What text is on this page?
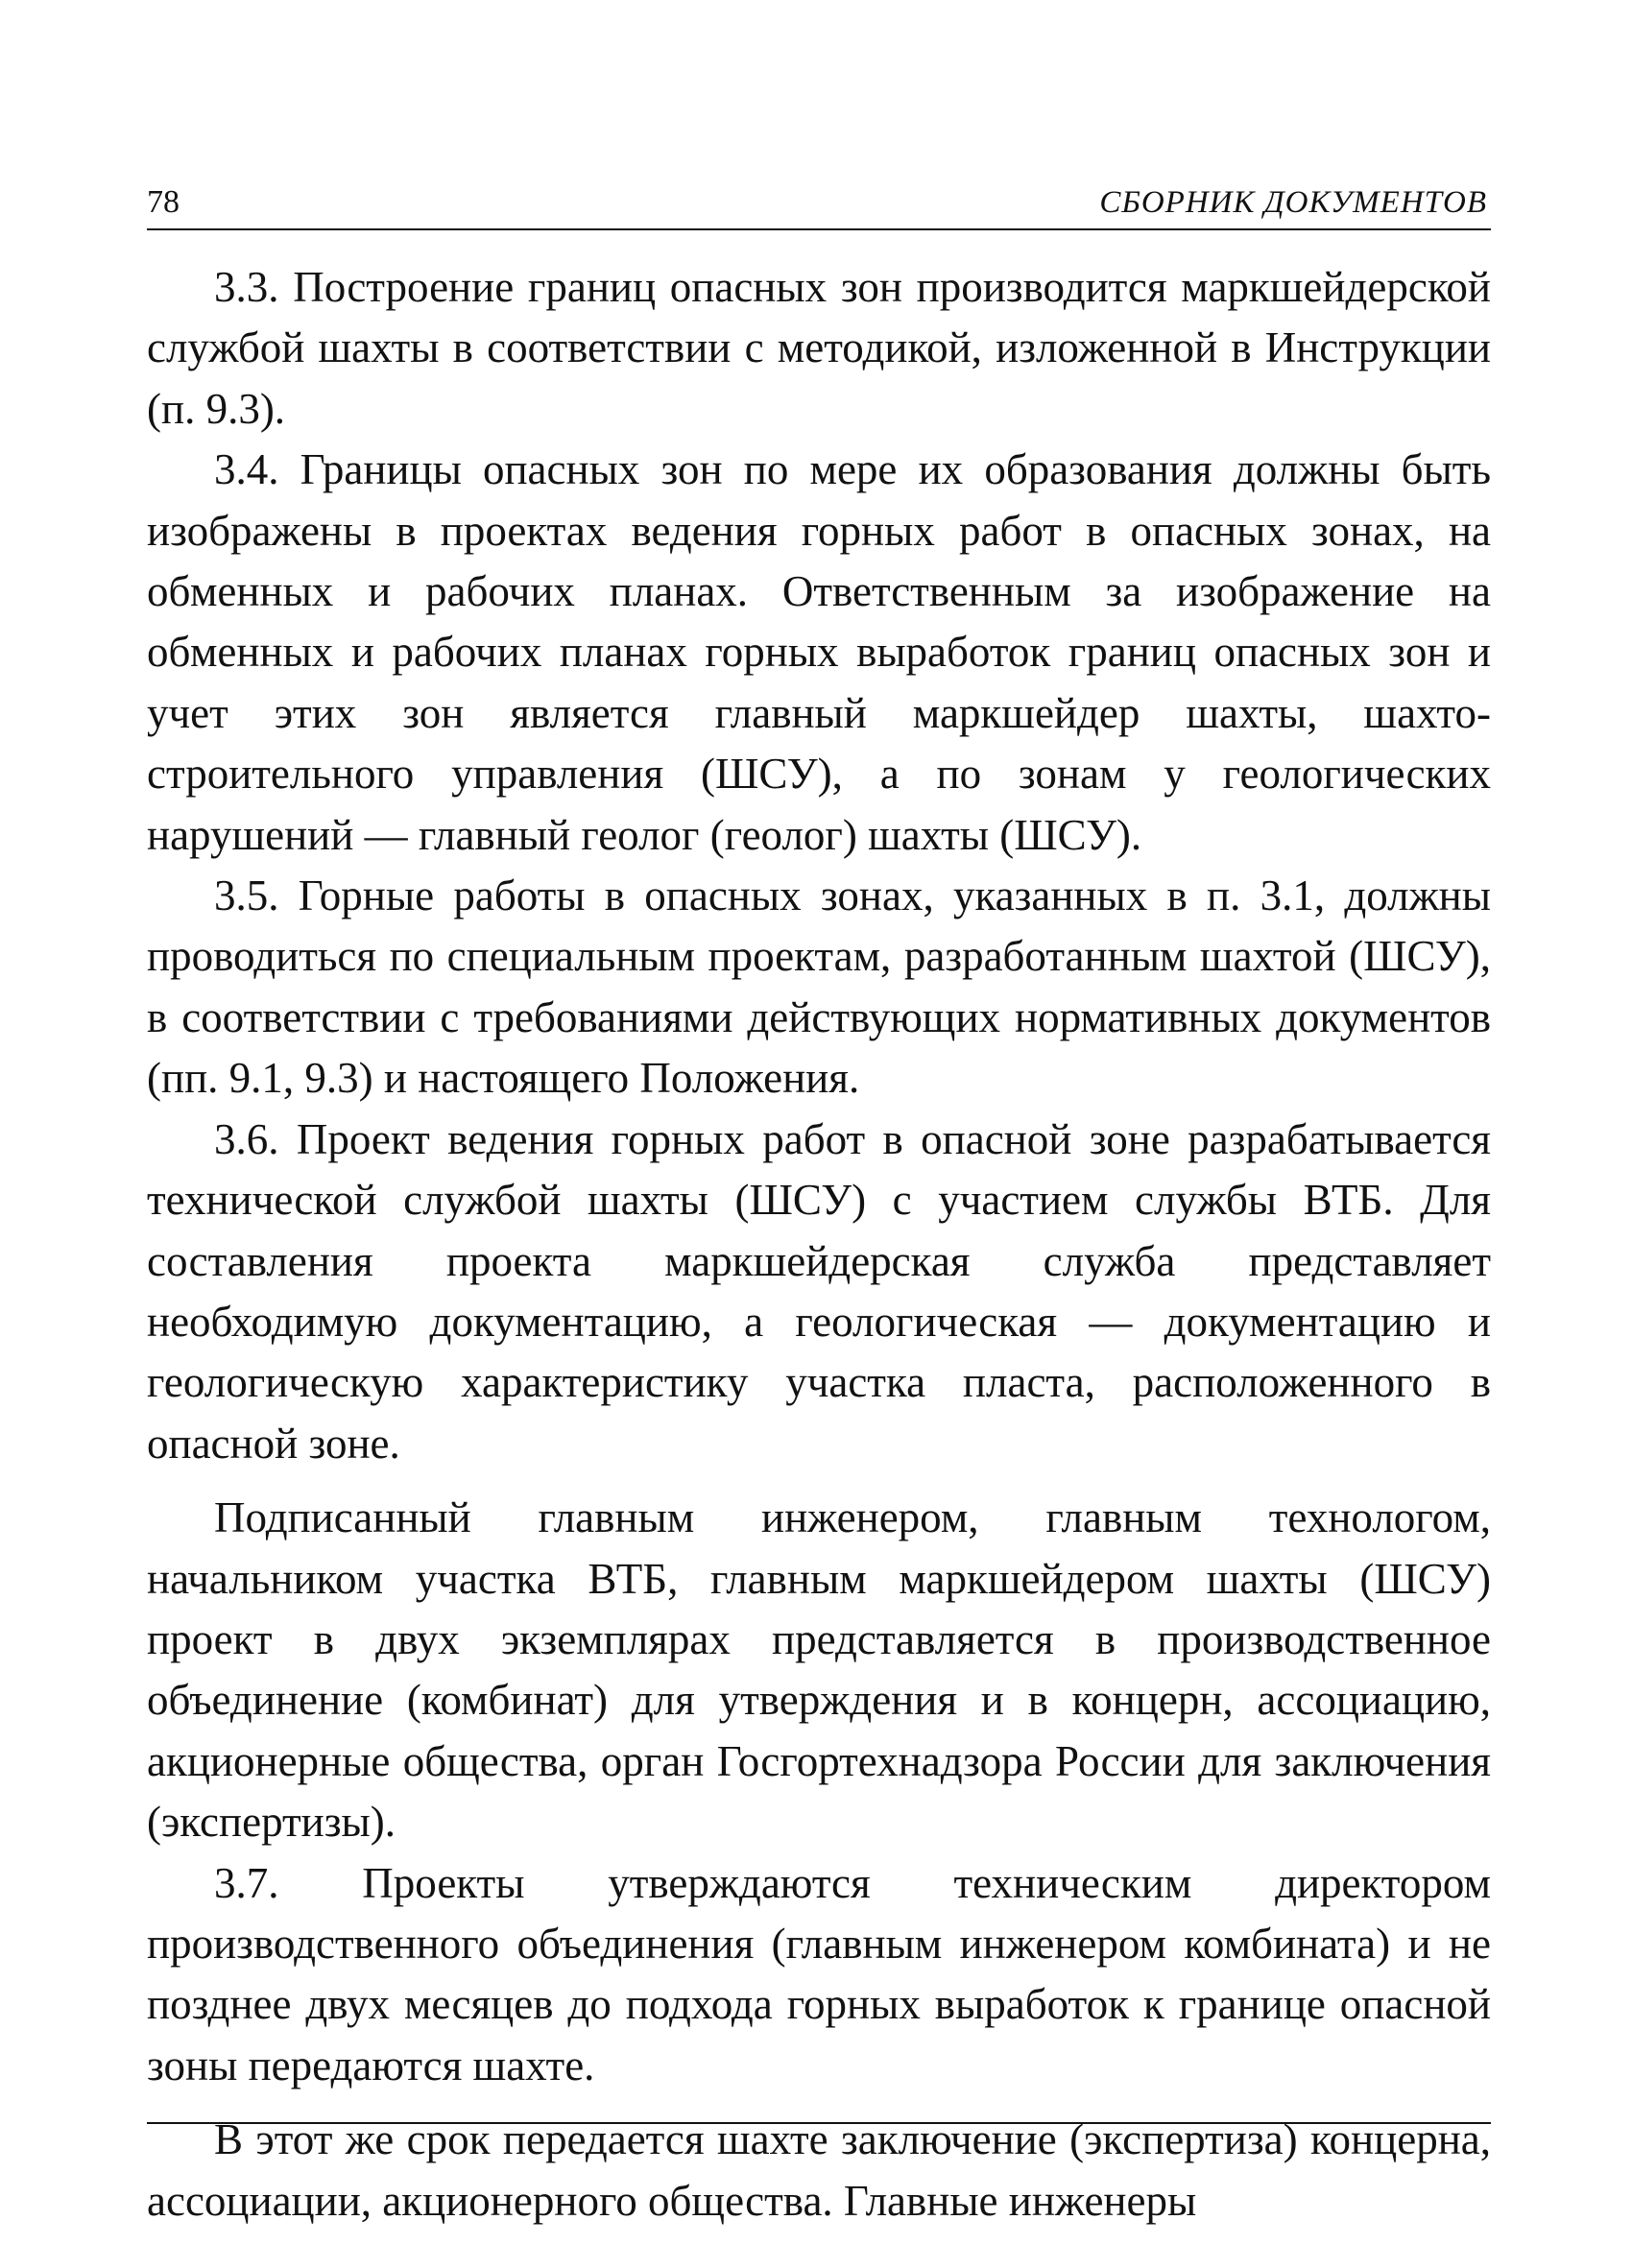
78	СБОРНИК ДОКУМЕНТОВ

3.3. Построение границ опасных зон производится маркшейдерской службой шахты в соответствии с методикой, изложенной в Инструкции (п. 9.3).

3.4. Границы опасных зон по мере их образования должны быть изображены в проектах ведения горных работ в опасных зонах, на обменных и рабочих планах. Ответственным за изображение на обменных и рабочих планах горных выработок границ опасных зон и учет этих зон является главный маркшейдер шахты, шахто-строительного управления (ШСУ), а по зонам у геологических нарушений — главный геолог (геолог) шахты (ШСУ).

3.5. Горные работы в опасных зонах, указанных в п. 3.1, должны проводиться по специальным проектам, разработанным шахтой (ШСУ), в соответствии с требованиями действующих нормативных документов (пп. 9.1, 9.3) и настоящего Положения.

3.6. Проект ведения горных работ в опасной зоне разрабатывается технической службой шахты (ШСУ) с участием службы ВТБ. Для составления проекта маркшейдерская служба представляет необходимую документацию, а геологическая — документацию и геологическую характеристику участка пласта, расположенного в опасной зоне.

Подписанный главным инженером, главным технологом, начальником участка ВТБ, главным маркшейдером шахты (ШСУ) проект в двух экземплярах представляется в производственное объединение (комбинат) для утверждения и в концерн, ассоциацию, акционерные общества, орган Госгортехнадзора России для заключения (экспертизы).

3.7. Проекты утверждаются техническим директором производственного объединения (главным инженером комбината) и не позднее двух месяцев до подхода горных выработок к границе опасной зоны передаются шахте.

В этот же срок передается шахте заключение (экспертиза) концерна, ассоциации, акционерного общества. Главные инженеры
